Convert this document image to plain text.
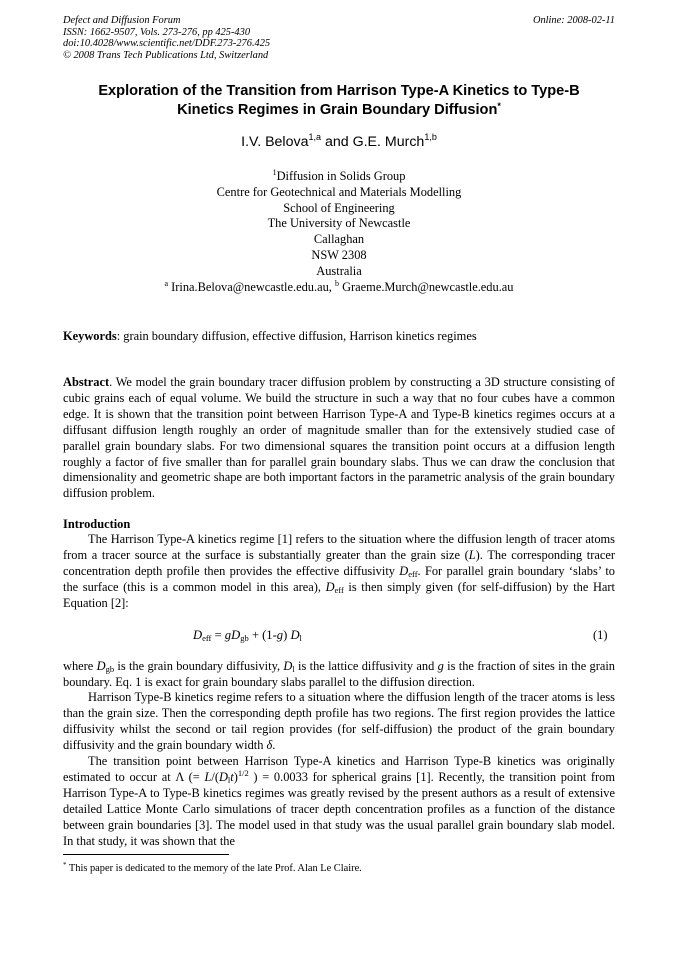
Defect and Diffusion Forum
ISSN: 1662-9507, Vols. 273-276, pp 425-430
doi:10.4028/www.scientific.net/DDF.273-276.425
© 2008 Trans Tech Publications Ltd, Switzerland
Online: 2008-02-11
Exploration of the Transition from Harrison Type-A Kinetics to Type-B
Kinetics Regimes in Grain Boundary Diffusion*
I.V. Belova$^{1,a}$ and G.E. Murch$^{1,b}$
$^1$Diffusion in Solids Group
Centre for Geotechnical and Materials Modelling
School of Engineering
The University of Newcastle
Callaghan
NSW 2308
Australia
$^a$ Irina.Belova@newcastle.edu.au, $^b$ Graeme.Murch@newcastle.edu.au
Keywords: grain boundary diffusion, effective diffusion, Harrison kinetics regimes
Abstract. We model the grain boundary tracer diffusion problem by constructing a 3D structure consisting of cubic grains each of equal volume. We build the structure in such a way that no four cubes have a common edge. It is shown that the transition point between Harrison Type-A and Type-B kinetics regimes occurs at a diffusant diffusion length roughly an order of magnitude smaller than for the extensively studied case of parallel grain boundary slabs. For two dimensional squares the transition point occurs at a diffusion length roughly a factor of five smaller than for parallel grain boundary slabs. Thus we can draw the conclusion that dimensionality and geometric shape are both important factors in the parametric analysis of the grain boundary diffusion problem.
Introduction
The Harrison Type-A kinetics regime [1] refers to the situation where the diffusion length of tracer atoms from a tracer source at the surface is substantially greater than the grain size (L). The corresponding tracer concentration depth profile then provides the effective diffusivity $D_{eff}$. For parallel grain boundary ‘slabs’ to the surface (this is a common model in this area), $D_{eff}$ is then simply given (for self-diffusion) by the Hart Equation [2]:
$D_{eff} = gD_{gb} + (1-g)$ $D_l$	(1)
where $D_{gb}$ is the grain boundary diffusivity, $D_l$ is the lattice diffusivity and g is the fraction of sites in the grain boundary. Eq. 1 is exact for grain boundary slabs parallel to the diffusion direction.
Harrison Type-B kinetics regime refers to a situation where the diffusion length of the tracer atoms is less than the grain size. Then the corresponding depth profile has two regions. The first region provides the lattice diffusivity whilst the second or tail region provides (for self-diffusion) the product of the grain boundary diffusivity and the grain boundary width δ.
The transition point between Harrison Type-A kinetics and Harrison Type-B kinetics was originally estimated to occur at Λ (= $L/(D_lt)^{1/2}$ ) = 0.0033 for spherical grains [1]. Recently, the transition point from Harrison Type-A to Type-B kinetics regimes was greatly revised by the present authors as a result of extensive detailed Lattice Monte Carlo simulations of tracer depth concentration profiles as a function of the distance between grain boundaries [3]. The model used in that study was the usual parallel grain boundary slab model. In that study, it was shown that the
* This paper is dedicated to the memory of the late Prof. Alan Le Claire.
